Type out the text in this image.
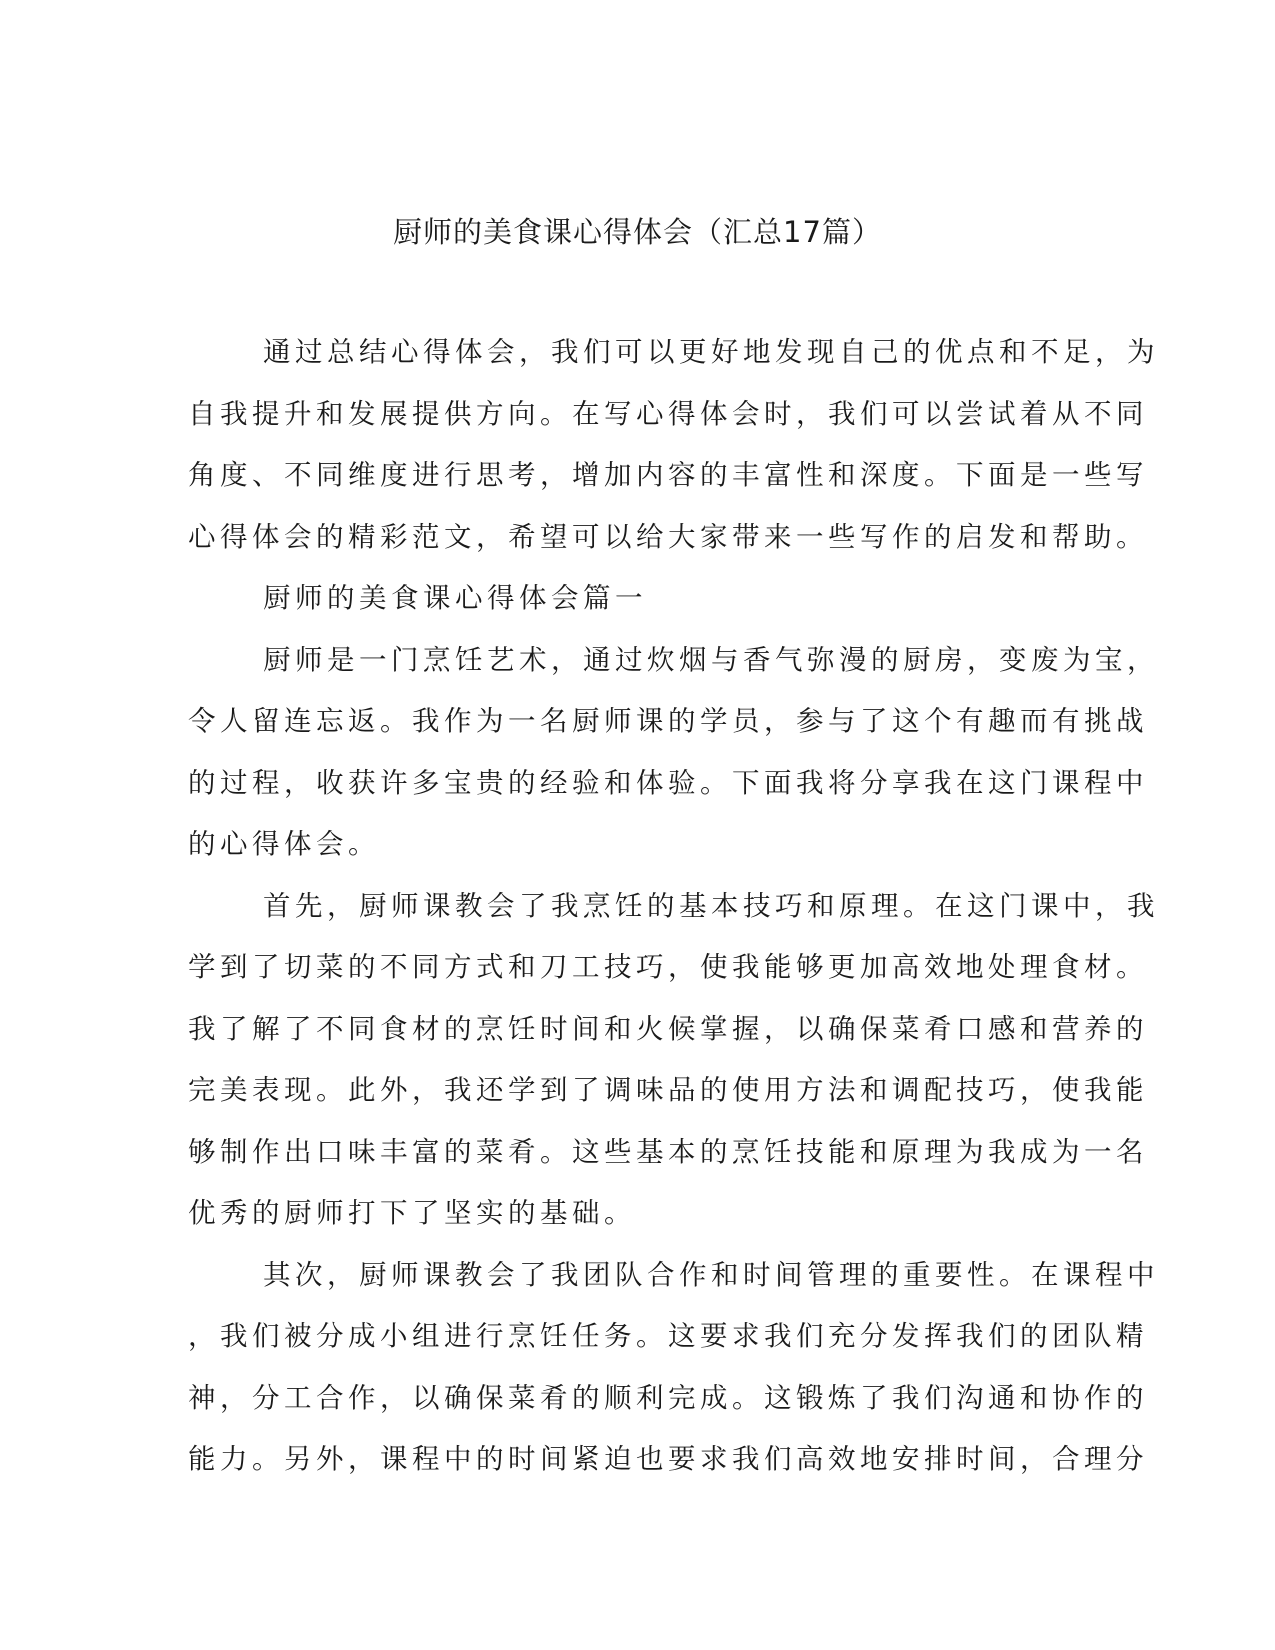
厨师的美食课心得体会（汇总17篇）
通过总结心得体会，我们可以更好地发现自己的优点和不足，为
自我提升和发展提供方向。在写心得体会时，我们可以尝试着从不同
角度、不同维度进行思考，增加内容的丰富性和深度。下面是一些写
心得体会的精彩范文，希望可以给大家带来一些写作的启发和帮助。
厨师的美食课心得体会篇一
厨师是一门烹饪艺术，通过炊烟与香气弥漫的厨房，变废为宝，
令人留连忘返。我作为一名厨师课的学员，参与了这个有趣而有挑战
的过程，收获许多宝贵的经验和体验。下面我将分享我在这门课程中
的心得体会。
首先，厨师课教会了我烹饪的基本技巧和原理。在这门课中，我
学到了切菜的不同方式和刀工技巧，使我能够更加高效地处理食材。
我了解了不同食材的烹饪时间和火候掌握，以确保菜肴口感和营养的
完美表现。此外，我还学到了调味品的使用方法和调配技巧，使我能
够制作出口味丰富的菜肴。这些基本的烹饪技能和原理为我成为一名
优秀的厨师打下了坚实的基础。
其次，厨师课教会了我团队合作和时间管理的重要性。在课程中
，我们被分成小组进行烹饪任务。这要求我们充分发挥我们的团队精
神，分工合作，以确保菜肴的顺利完成。这锻炼了我们沟通和协作的
能力。另外，课程中的时间紧迫也要求我们高效地安排时间，合理分
